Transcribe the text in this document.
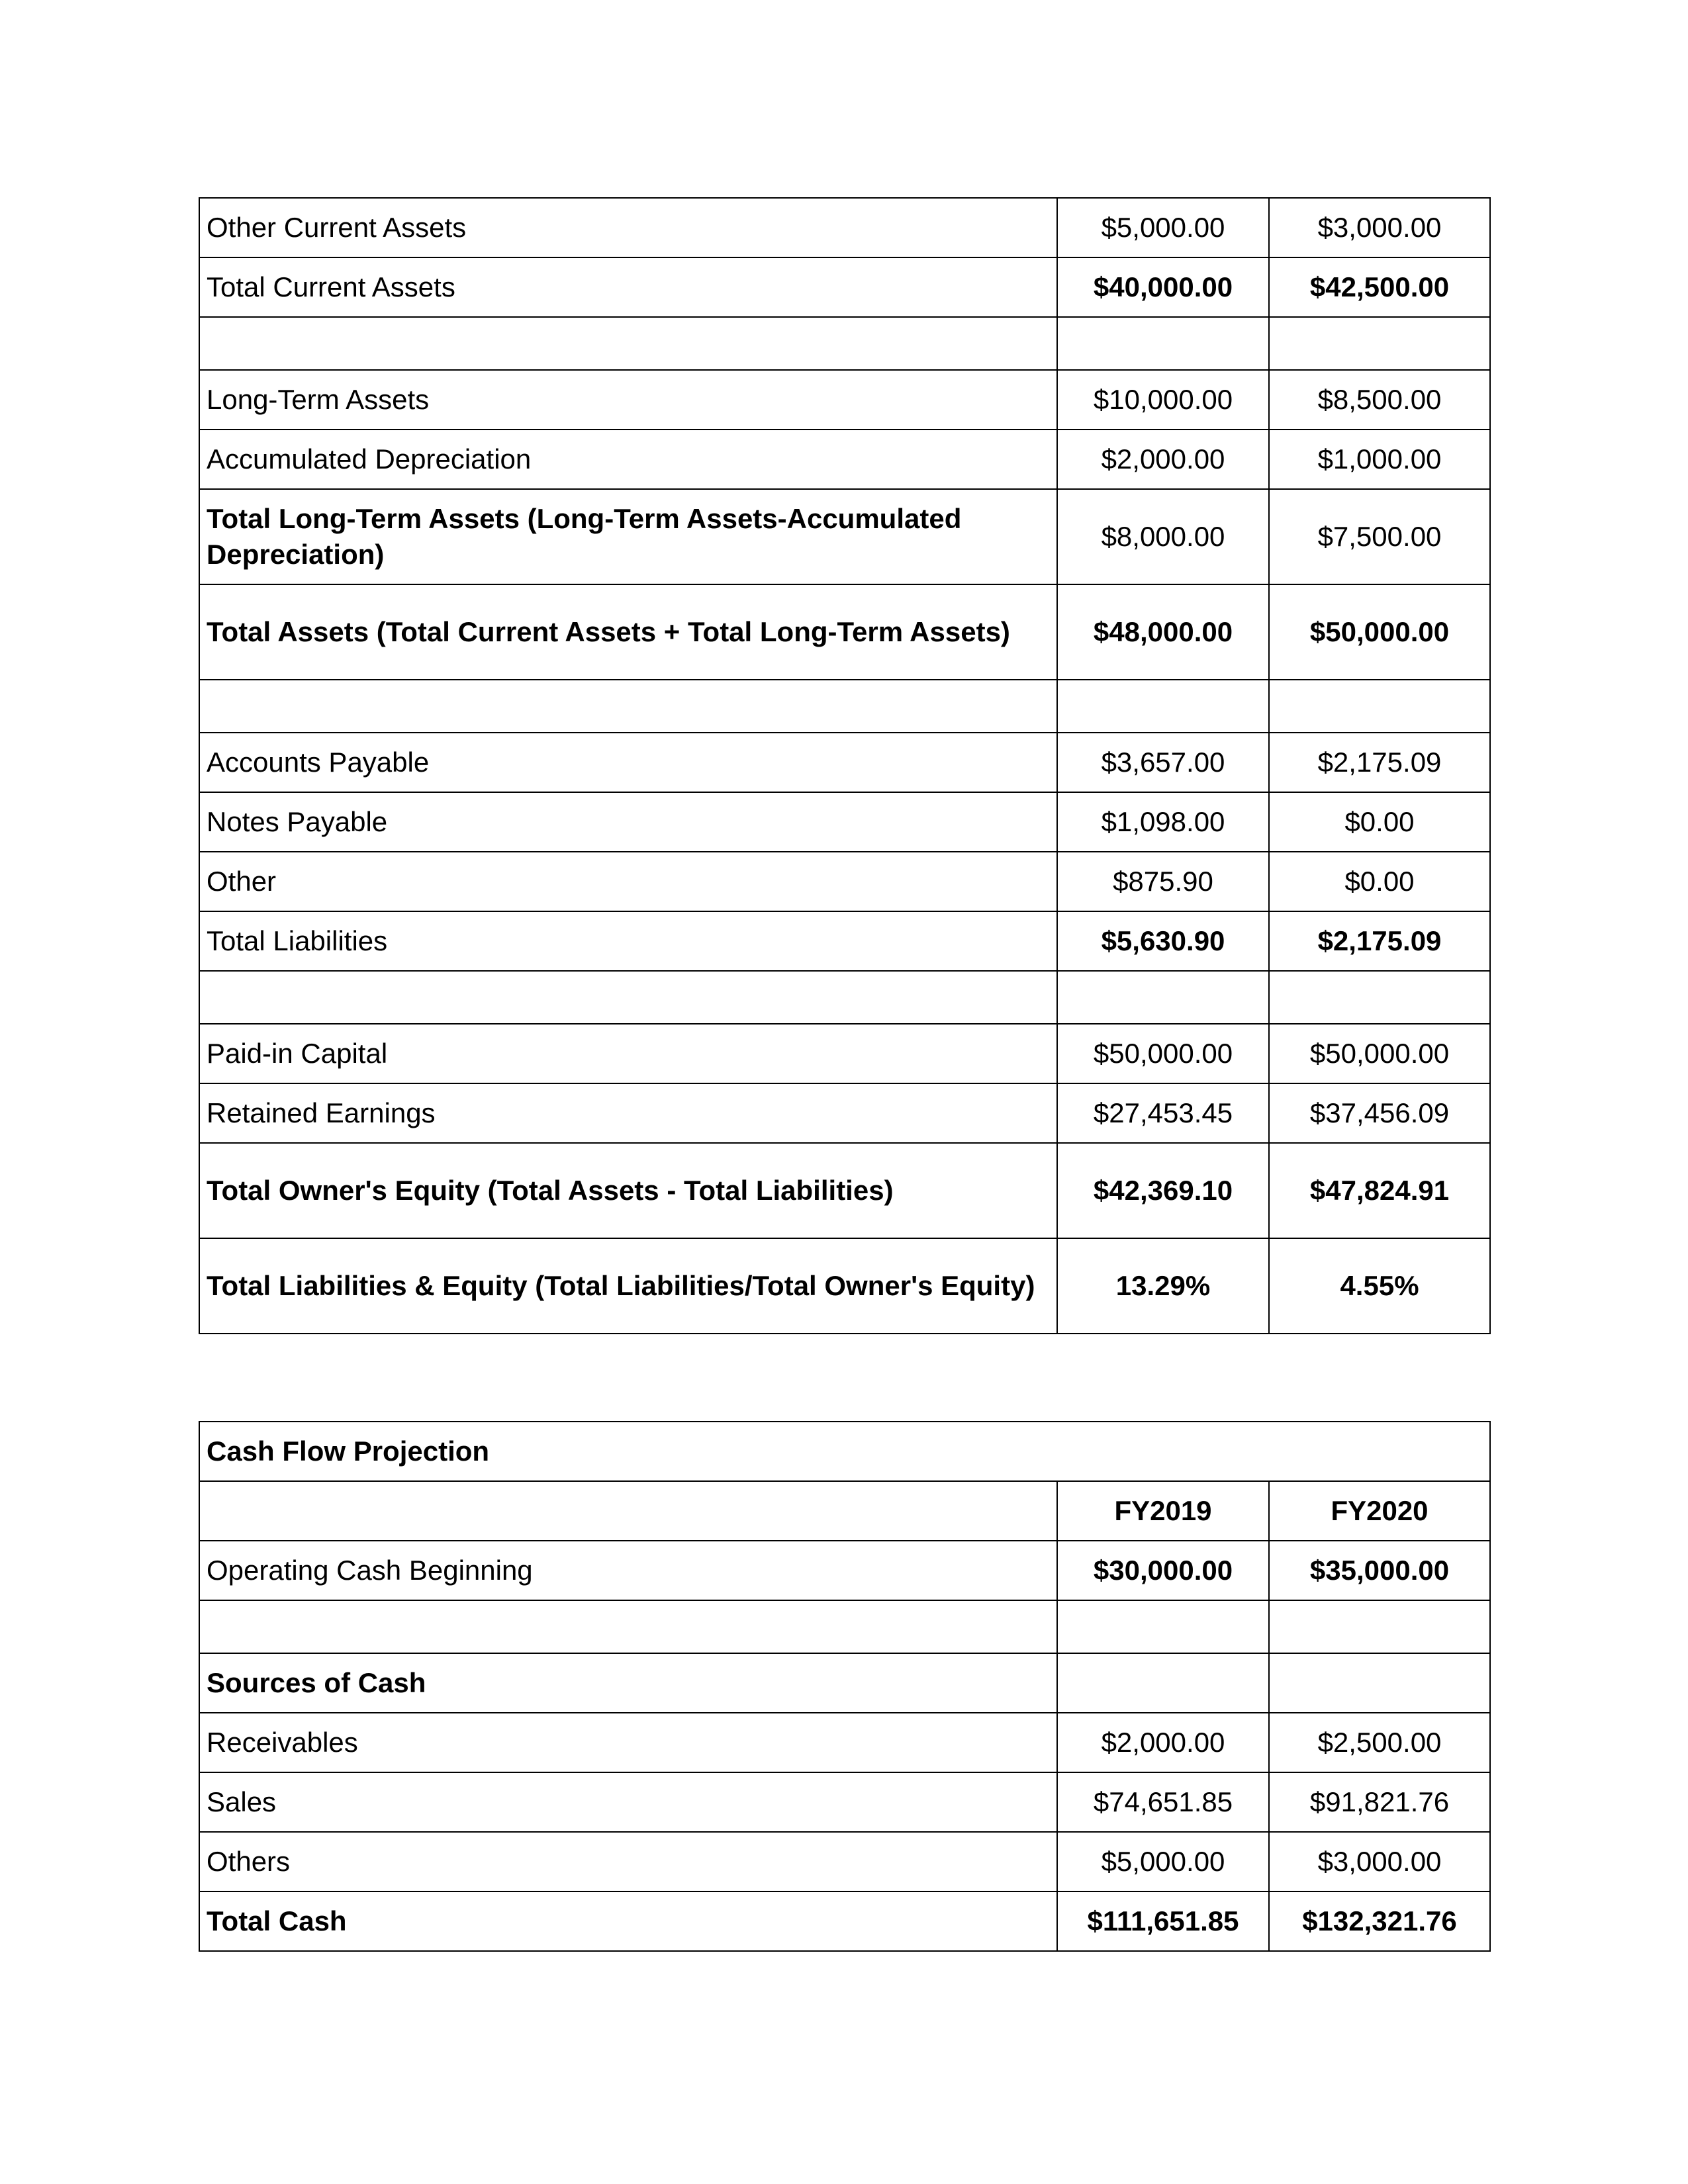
Other Current Assets	$5,000.00	$3,000.00
Total Current Assets	$40,000.00	$42,500.00

Long-Term Assets	$10,000.00	$8,500.00
Accumulated Depreciation	$2,000.00	$1,000.00
Total Long-Term Assets (Long-Term Assets-Accumulated Depreciation)	$8,000.00	$7,500.00
Total Assets (Total Current Assets + Total Long-Term Assets)	$48,000.00	$50,000.00

Accounts Payable	$3,657.00	$2,175.09
Notes Payable	$1,098.00	$0.00
Other	$875.90	$0.00
Total Liabilities	$5,630.90	$2,175.09

Paid-in Capital	$50,000.00	$50,000.00
Retained Earnings	$27,453.45	$37,456.09
Total Owner's Equity (Total Assets - Total Liabilities)	$42,369.10	$47,824.91
Total Liabilities & Equity (Total Liabilities/Total Owner's Equity)	13.29%	4.55%
Cash Flow Projection		
	FY2019	FY2020
Operating Cash Beginning	$30,000.00	$35,000.00

Sources of Cash		
Receivables	$2,000.00	$2,500.00
Sales	$74,651.85	$91,821.76
Others	$5,000.00	$3,000.00
Total Cash	$111,651.85	$132,321.76
